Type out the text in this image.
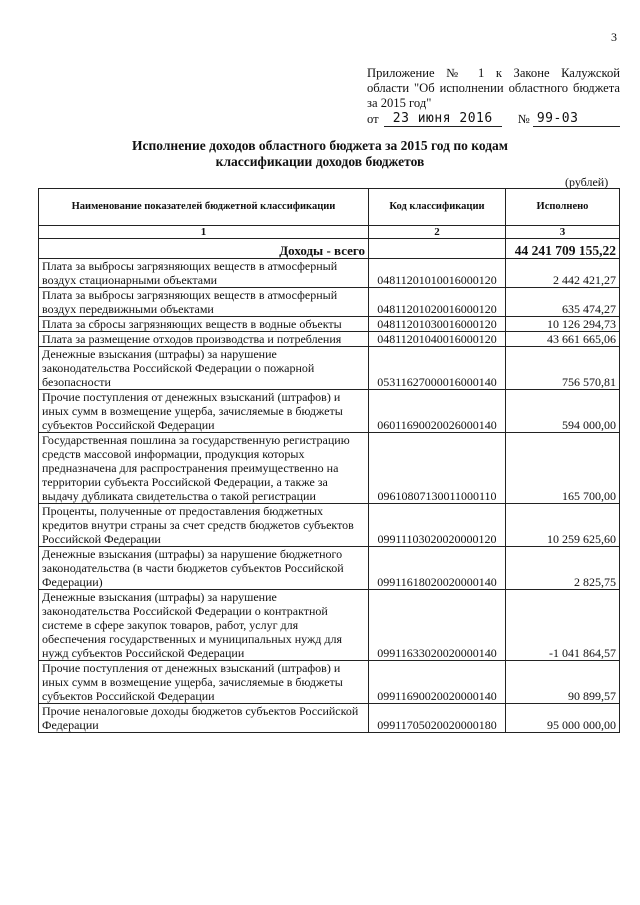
3
Приложение № 1 к Законе Калужской
области "Об исполнении областного бюджета
за 2015 год"
от	23 июня 2016	№ 99-03
Исполнение доходов областного бюджета за 2015 год по кодам
классификации доходов бюджетов
(рублей)
Наименование показателей бюджетной классификации	Код классификации	Исполнено
1	2	3
Доходы - всего		44 241 709 155,22
Плата за выбросы загрязняющих веществ в атмосферный воздух стационарными объектами	04811201010016000120	2 442 421,27
Плата за выбросы загрязняющих веществ в атмосферный воздух передвижными объектами	04811201020016000120	635 474,27
Плата за сбросы загрязняющих веществ в водные объекты	04811201030016000120	10 126 294,73
Плата за размещение отходов производства и потребления	04811201040016000120	43 661 665,06
Денежные взыскания (штрафы) за нарушение законодательства Российской Федерации о пожарной безопасности	05311627000016000140	756 570,81
Прочие поступления от денежных взысканий (штрафов) и иных сумм в возмещение ущерба, зачисляемые в бюджеты субъектов Российской Федерации	06011690020026000140	594 000,00
Государственная пошлина за государственную регистрацию средств массовой информации, продукция которых предназначена для распространения преимущественно на территории субъекта Российской Федерации, а также за выдачу дубликата свидетельства о такой регистрации	09610807130011000110	165 700,00
Проценты, полученные от предоставления бюджетных кредитов внутри страны за счет средств бюджетов субъектов Российской Федерации	09911103020020000120	10 259 625,60
Денежные взыскания (штрафы) за нарушение бюджетного законодательства (в части бюджетов субъектов Российской Федерации)	09911618020020000140	2 825,75
Денежные взыскания (штрафы) за нарушение законодательства Российской Федерации о контрактной системе в сфере закупок товаров, работ, услуг для обеспечения государственных и муниципальных нужд для нужд субъектов Российской Федерации	09911633020020000140	-1 041 864,57
Прочие поступления от денежных взысканий (штрафов) и иных сумм в возмещение ущерба, зачисляемые в бюджеты субъектов Российской Федерации	09911690020020000140	90 899,57
Прочие неналоговые доходы бюджетов субъектов Российской Федерации	09911705020020000180	95 000 000,00
